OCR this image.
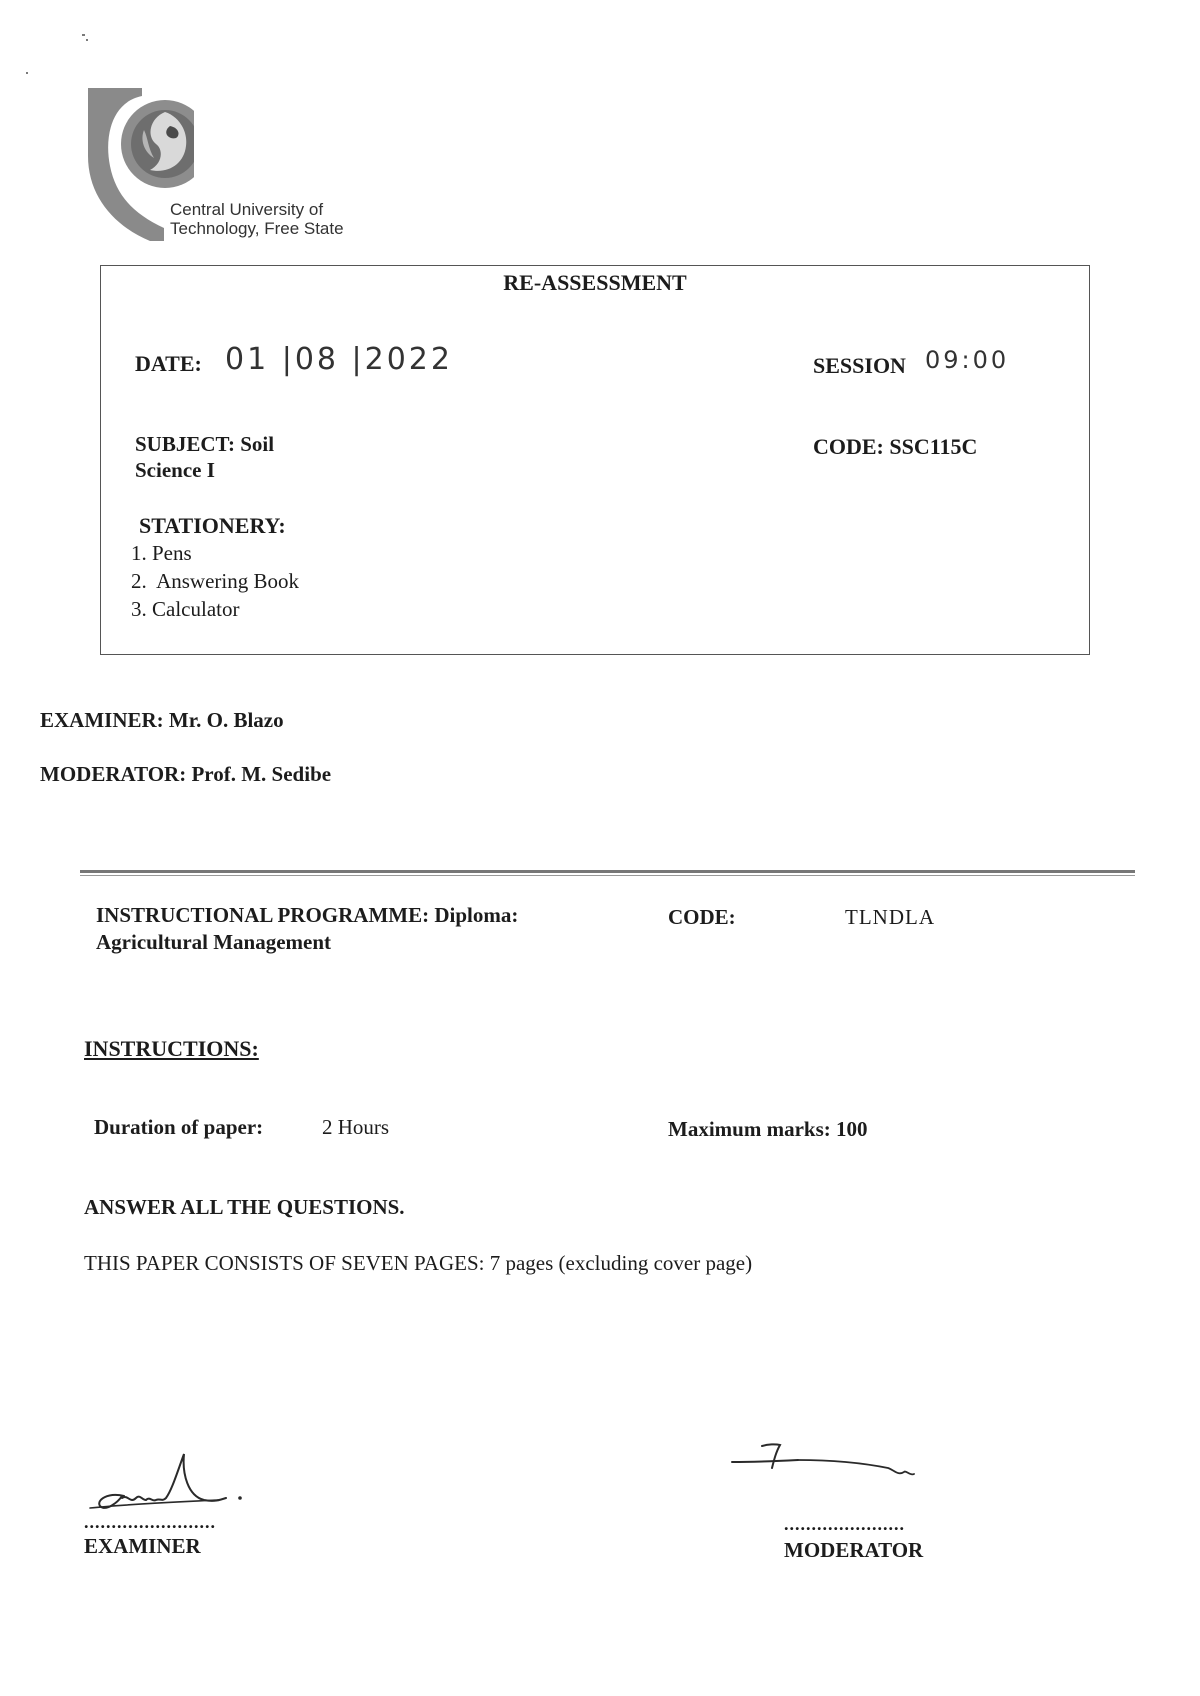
Central University of
Technology, Free State
RE-ASSESSMENT
DATE: 01 |08 |2022	SESSION 09:00
SUBJECT: Soil
Science I
CODE: SSC115C
STATIONERY:
1. Pens
2.  Answering Book
3. Calculator
EXAMINER: Mr. O. Blazo
MODERATOR: Prof. M. Sedibe
INSTRUCTIONAL PROGRAMME: Diploma:
Agricultural Management
CODE:	TLNDLA
INSTRUCTIONS:
Duration of paper:	2 Hours	Maximum marks: 100
ANSWER ALL THE QUESTIONS.
THIS PAPER CONSISTS OF SEVEN PAGES: 7 pages (excluding cover page)
........................
EXAMINER
......................
MODERATOR
